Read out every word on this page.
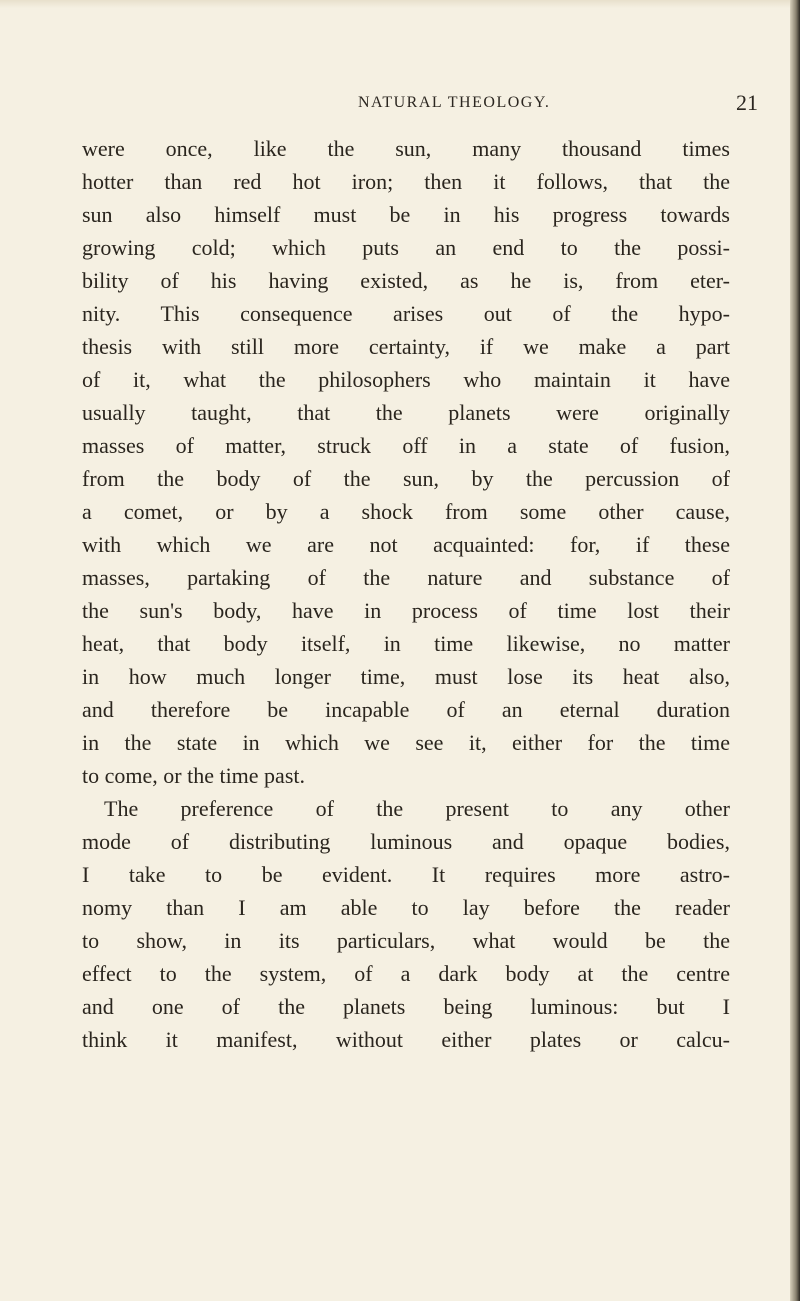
NATURAL THEOLOGY.	21
were once, like the sun, many thousand times
hotter than red hot iron; then it follows, that the
sun also himself must be in his progress towards
growing cold; which puts an end to the possi-
bility of his having existed, as he is, from eter-
nity. This consequence arises out of the hypo-
thesis with still more certainty, if we make a part
of it, what the philosophers who maintain it have
usually taught, that the planets were originally
masses of matter, struck off in a state of fusion,
from the body of the sun, by the percussion of
a comet, or by a shock from some other cause,
with which we are not acquainted: for, if these
masses, partaking of the nature and substance of
the sun's body, have in process of time lost their
heat, that body itself, in time likewise, no matter
in how much longer time, must lose its heat also,
and therefore be incapable of an eternal duration
in the state in which we see it, either for the time
to come, or the time past.
The preference of the present to any other
mode of distributing luminous and opaque bodies,
I take to be evident. It requires more astro-
nomy than I am able to lay before the reader
to show, in its particulars, what would be the
effect to the system, of a dark body at the centre
and one of the planets being luminous: but I
think it manifest, without either plates or calcu-
